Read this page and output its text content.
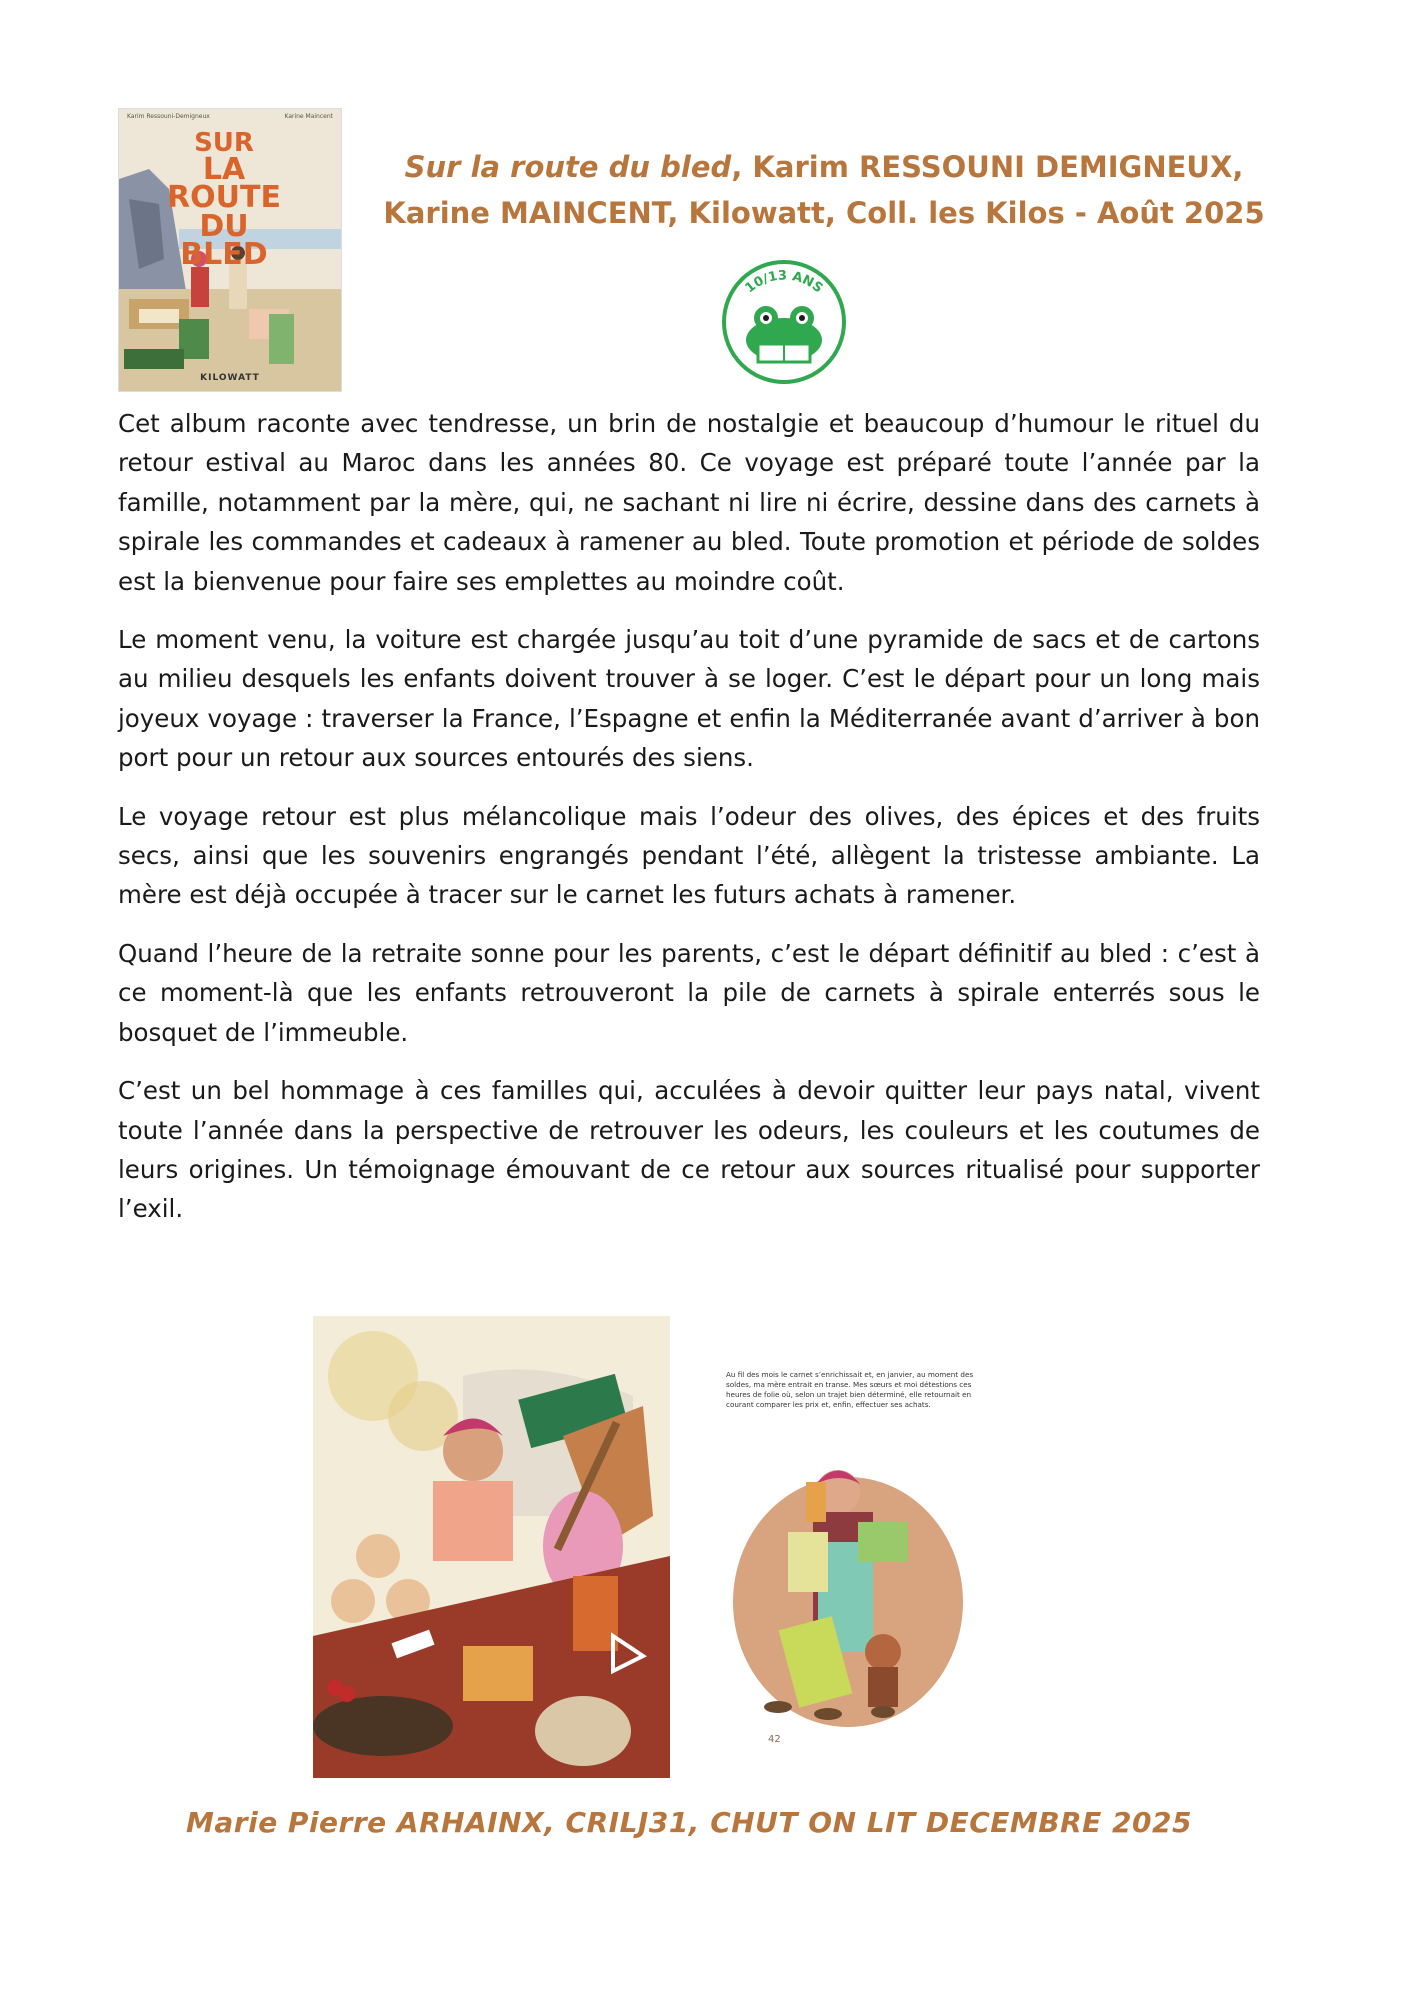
Karim Ressouni-Demigneux	Karine Maincent
SUR
LA ROUTE
DU BLED
KILOWATT
Sur la route du bled, Karim RESSOUNI DEMIGNEUX,
Karine MAINCENT, Kilowatt, Coll. les Kilos - Août 2025
10/13 ANS

Cet album raconte avec tendresse, un brin de nostalgie et beaucoup d’humour le rituel du retour estival au Maroc dans les années 80. Ce voyage est préparé toute l’année par la famille, notamment par la mère, qui, ne sachant ni lire ni écrire, dessine dans des carnets à spirale les commandes et cadeaux à ramener au bled. Toute promotion et période de soldes est la bienvenue pour faire ses emplettes au moindre coût.

Le moment venu, la voiture est chargée jusqu’au toit d’une pyramide de sacs et de cartons au milieu desquels les enfants doivent trouver à se loger. C’est le départ pour un long mais joyeux voyage : traverser la France, l’Espagne et enfin la Méditerranée avant d’arriver à bon port pour un retour aux sources entourés des siens.

Le voyage retour est plus mélancolique mais l’odeur des olives, des épices et des fruits secs, ainsi que les souvenirs engrangés pendant l’été, allègent la tristesse ambiante. La mère est déjà occupée à tracer sur le carnet les futurs achats à ramener.

Quand l’heure de la retraite sonne pour les parents, c’est le départ définitif au bled : c’est à ce moment-là que les enfants retrouveront la pile de carnets à spirale enterrés sous le bosquet de l’immeuble.

C’est un bel hommage à ces familles qui, acculées à devoir quitter leur pays natal, vivent toute l’année dans la perspective de retrouver les odeurs, les couleurs et les coutumes de leurs origines. Un témoignage émouvant de ce retour aux sources ritualisé pour supporter l’exil.

Au fil des mois le carnet s’enrichissait et, en janvier, au moment des soldes, ma mère entrait en transe. Mes sœurs et moi détestions ces heures de folie où, selon un trajet bien déterminé, elle retournait en courant comparer les prix et, enfin, effectuer ses achats.
42
Marie Pierre ARHAINX, CRILJ31, CHUT ON LIT DECEMBRE 2025
